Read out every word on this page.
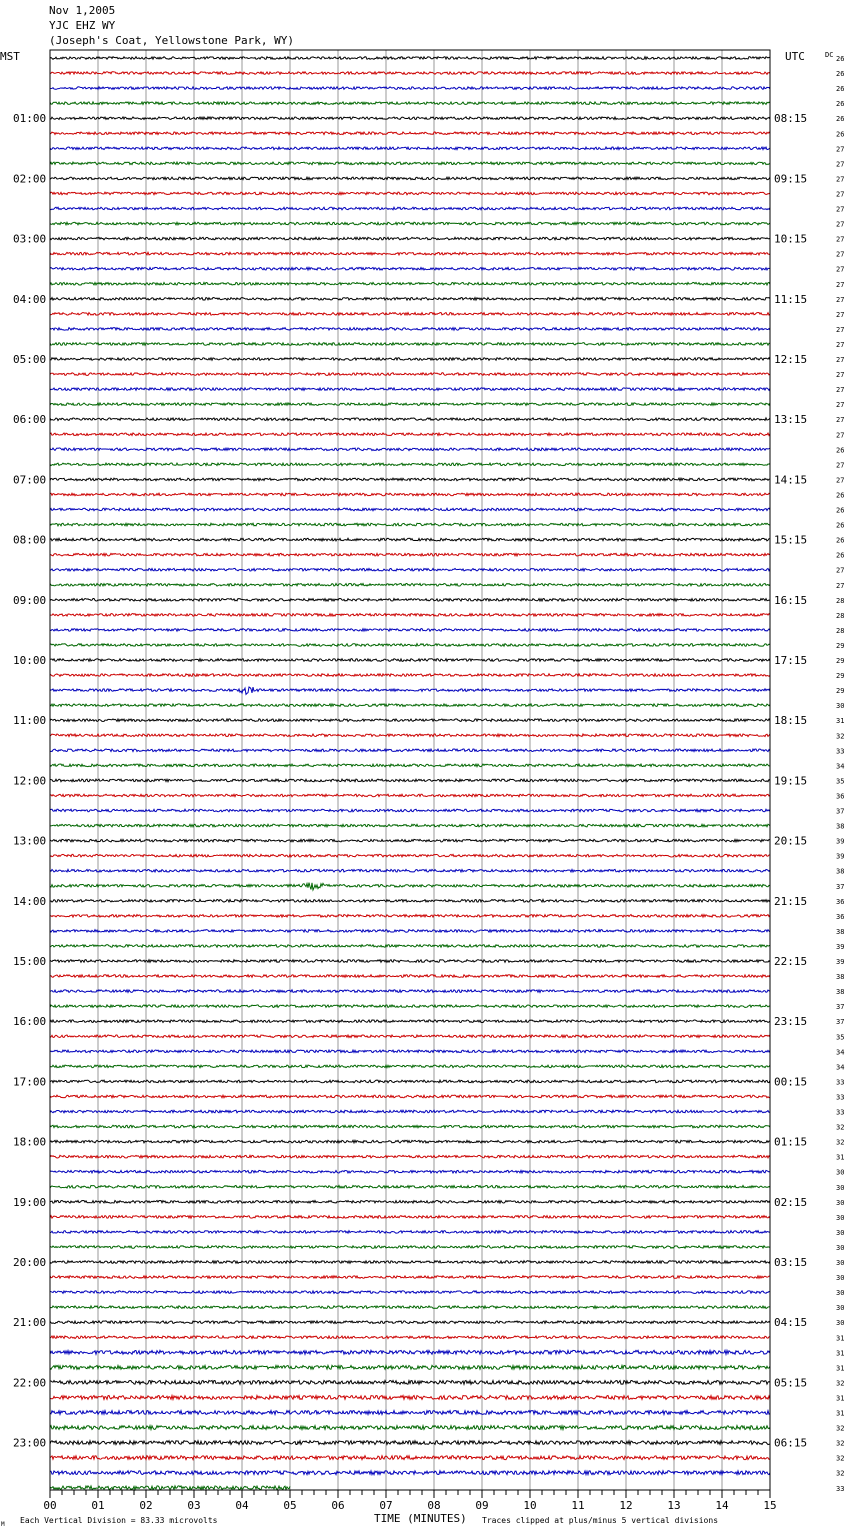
Nov 1,2005
YJC EHZ WY
(Joseph's Coat, Yellowstone Park, WY)
00	01	02	03	04	05	06	07	08	09	10	11	12	13	14	15
26
26
26
26
26
26
27
27
27
27
27
27
27
27
27
27
27
27
27
27
27
27
27
27
27
27
26
27
27
26
26
26
26
26
27
27
28
28
28
29
29
29
29
30
31
32
33
34
35
36
37
38
39
39
38
37
36
36
38
39
39
38
38
37
37
35
34
34
33
33
33
32
32
31
30
30
30
30
30
30
30
30
30
30
30
31
31
31
32
31
31
32
32
32
32
33
01:00
02:00
03:00
04:00
05:00
06:00
07:00
08:00
09:00
10:00
11:00
12:00
13:00
14:00
15:00
16:00
17:00
18:00
19:00
20:00
21:00
22:00
23:00
08:15
09:15
10:15
11:15
12:15
13:15
14:15
15:15
16:15
17:15
18:15
19:15
20:15
21:15
22:15
23:15
00:15
01:15
02:15
03:15
04:15
05:15
06:15
MST	UTC	DC
TIME (MINUTES)
Each Vertical Division = 83.33 microvolts	Traces clipped at plus/minus 5 vertical divisions
M
